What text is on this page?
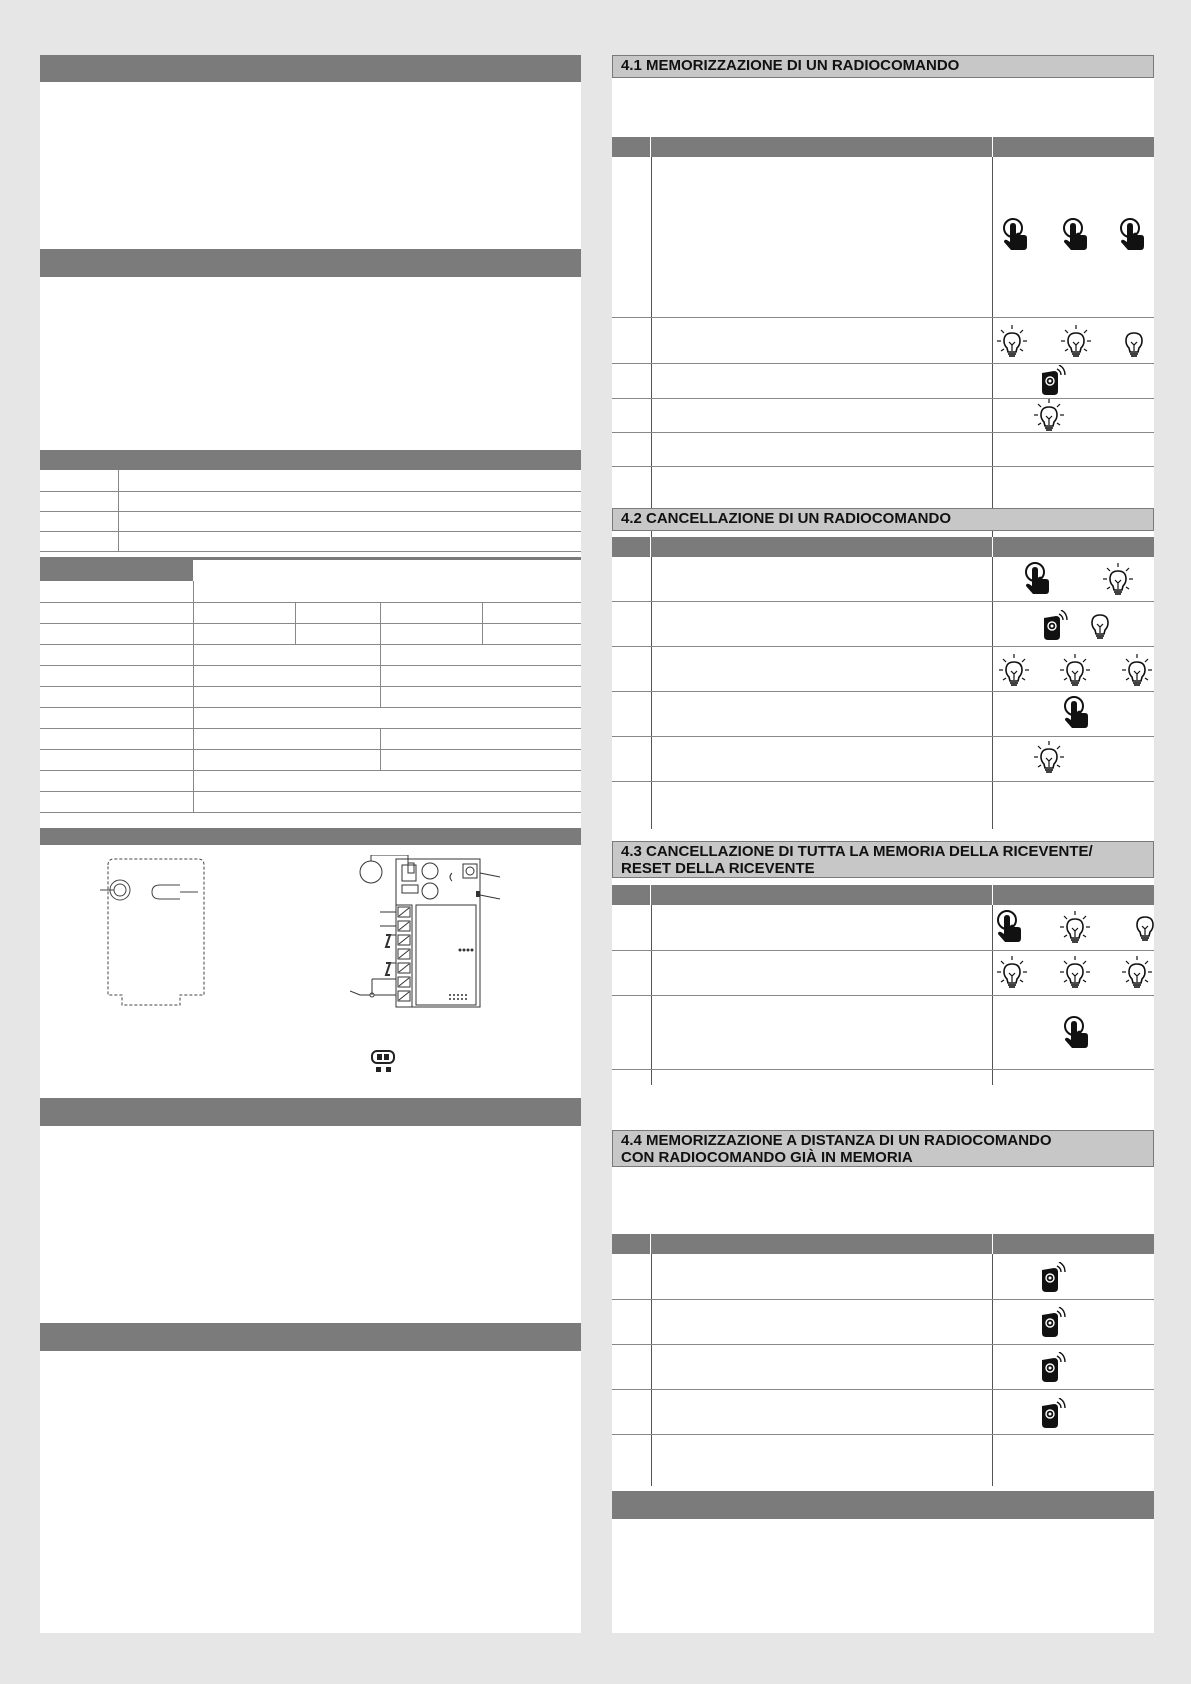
4.1 MEMORIZZAZIONE DI UN RADIOCOMANDO
4.2 CANCELLAZIONE DI UN RADIOCOMANDO
4.3 CANCELLAZIONE DI TUTTA LA MEMORIA DELLA RICEVENTE/
RESET DELLA RICEVENTE
4.4 MEMORIZZAZIONE A DISTANZA DI UN RADIOCOMANDO
CON RADIOCOMANDO GIÀ IN MEMORIA
